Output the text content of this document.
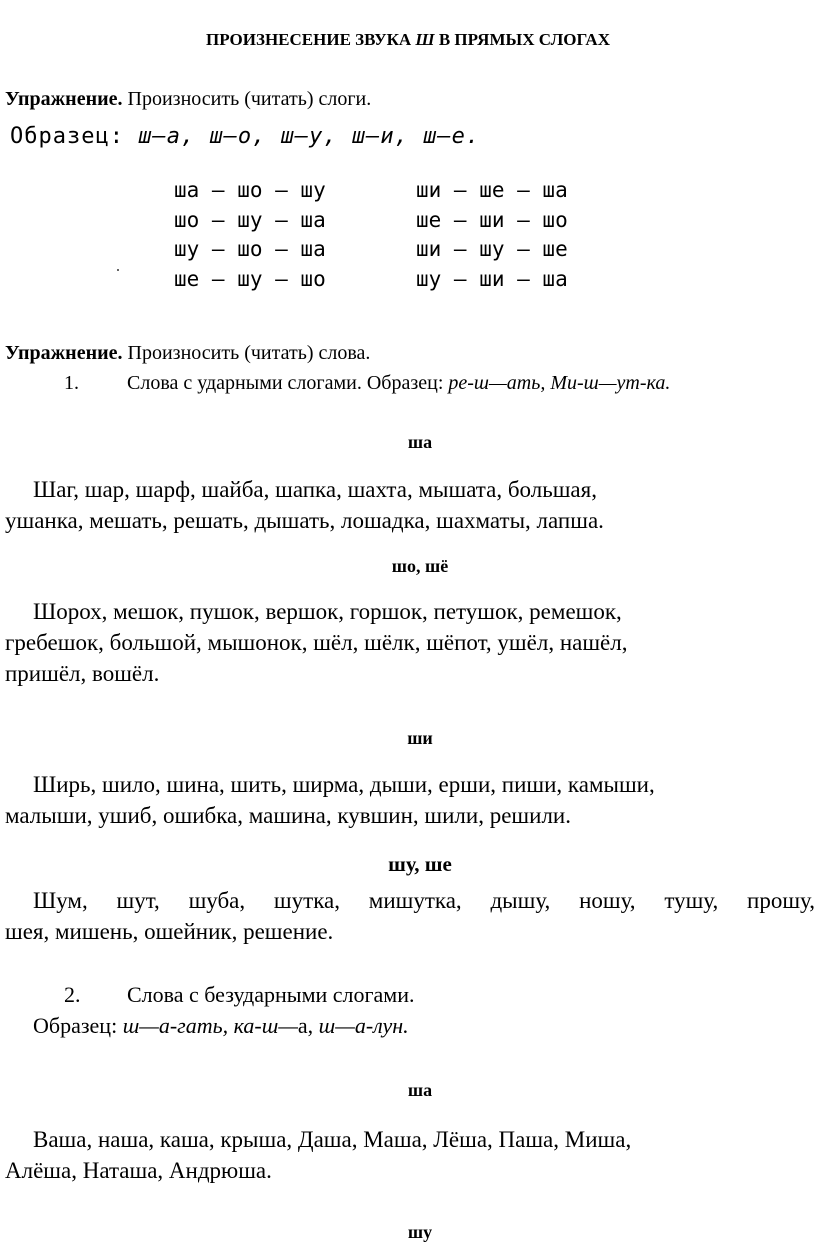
ПРОИЗНЕСЕНИЕ ЗВУКА Ш В ПРЯМЫХ СЛОГАХ
Упражнение. Произносить (читать) слоги.
Образец: ш—а, ш—о, ш—у, ш—и, ш—е.
ша — шо — шу
шо — шу — ша
шу — шо — ша
ше — шу — шо
ши — ше — ша
ше — ши — шо
ши — шу — ше
шу — ши — ша
Упражнение. Произносить (читать) слова.
1. Слова с ударными слогами. Образец: ре-ш—ать, Ми-ш—ут-ка.
ша
Шаг, шар, шарф, шайба, шапка, шахта, мышата, большая,
ушанка, мешать, решать, дышать, лошадка, шахматы, лапша.
шо, шё
Шорох, мешок, пушок, вершок, горшок, петушок, ремешок,
гребешок, большой, мышонок, шёл, шёлк, шёпот, ушёл, нашёл,
пришёл, вошёл.
ши
Ширь, шило, шина, шить, ширма, дыши, ерши, пиши, камыши,
малыши, ушиб, ошибка, машина, кувшин, шили, решили.
шу, ше
Шум, шут, шуба, шутка, мишутка, дышу, ношу, тушу, прошу,
шея, мишень, ошейник, решение.
2. Слова с безударными слогами.
Образец: ш—а-гать, ка-ш—а, ш—а-лун.
ша
Ваша, наша, каша, крыша, Даша, Маша, Лёша, Паша, Миша,
Алёша, Наташа, Андрюша.
шу
